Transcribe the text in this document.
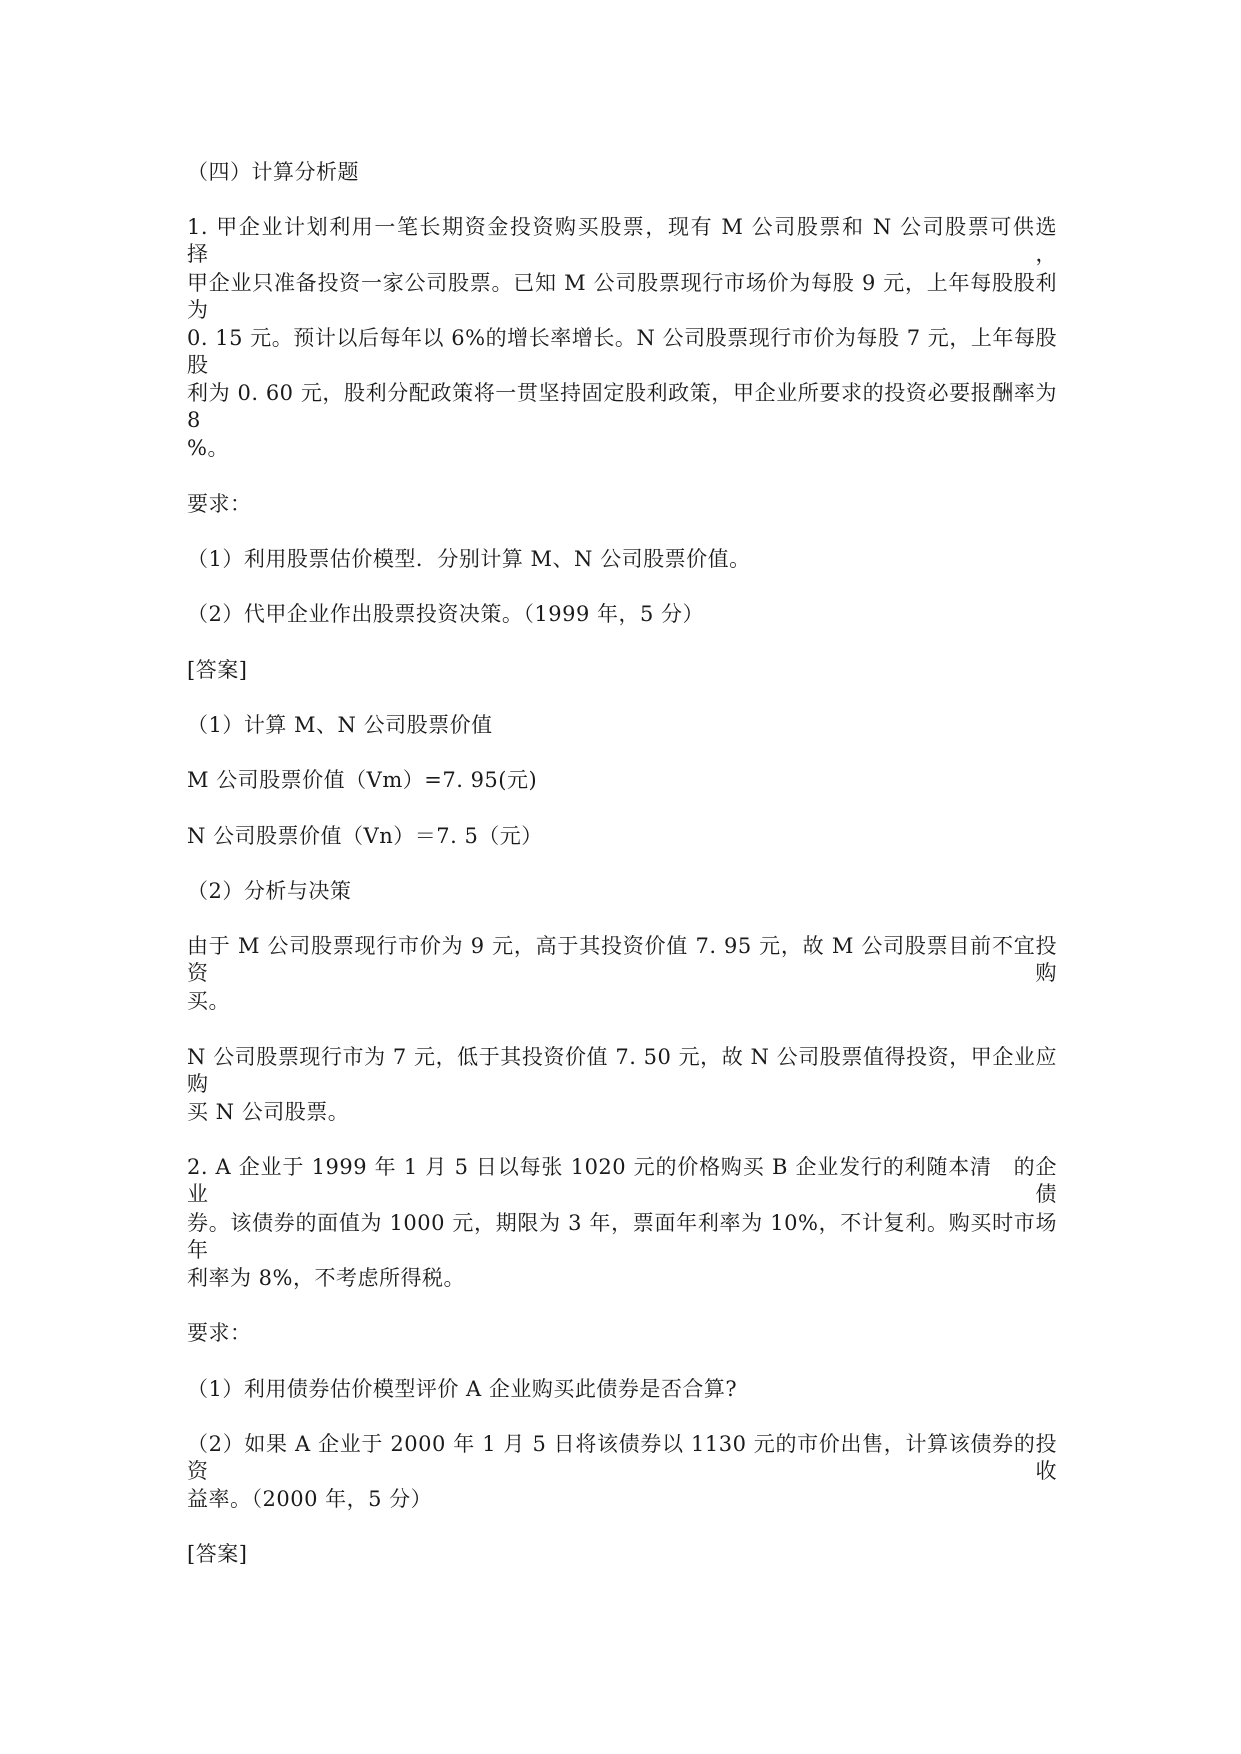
（四）计算分析题
1. 甲企业计划利用一笔长期资金投资购买股票，现有 M 公司股票和 N 公司股票可供选择，
甲企业只准备投资一家公司股票。已知 M 公司股票现行市场价为每股 9 元，上年每股股利为
0. 15 元。预计以后每年以 6%的增长率增长。N 公司股票现行市价为每股 7 元，上年每股股
利为 0. 60 元，股利分配政策将一贯坚持固定股利政策，甲企业所要求的投资必要报酬率为 8
%。
要求：
（1）利用股票估价模型．分别计算 M、N 公司股票价值。
（2）代甲企业作出股票投资决策。（1999 年，5 分）
[答案]
（1）计算 M、N 公司股票价值
M 公司股票价值（Vm）=7. 95(元)
N 公司股票价值（Vn）＝7. 5（元）
（2）分析与决策
由于 M 公司股票现行市价为 9 元，高于其投资价值 7. 95 元，故 M 公司股票目前不宜投资购
买。
N 公司股票现行市为 7 元，低于其投资价值 7. 50 元，故 N 公司股票值得投资，甲企业应购
买 N 公司股票。
2. A 企业于 1999 年 1 月 5 日以每张 1020 元的价格购买 B 企业发行的利随本清　的企业债
券。该债券的面值为 1000 元，期限为 3 年，票面年利率为 10%，不计复利。购买时市场年
利率为 8%，不考虑所得税。
要求：
（1）利用债券估价模型评价 A 企业购买此债券是否合算?
（2）如果 A 企业于 2000 年 1 月 5 日将该债券以 1130 元的市价出售，计算该债券的投资收
益率。（2000 年，5 分）
[答案]
